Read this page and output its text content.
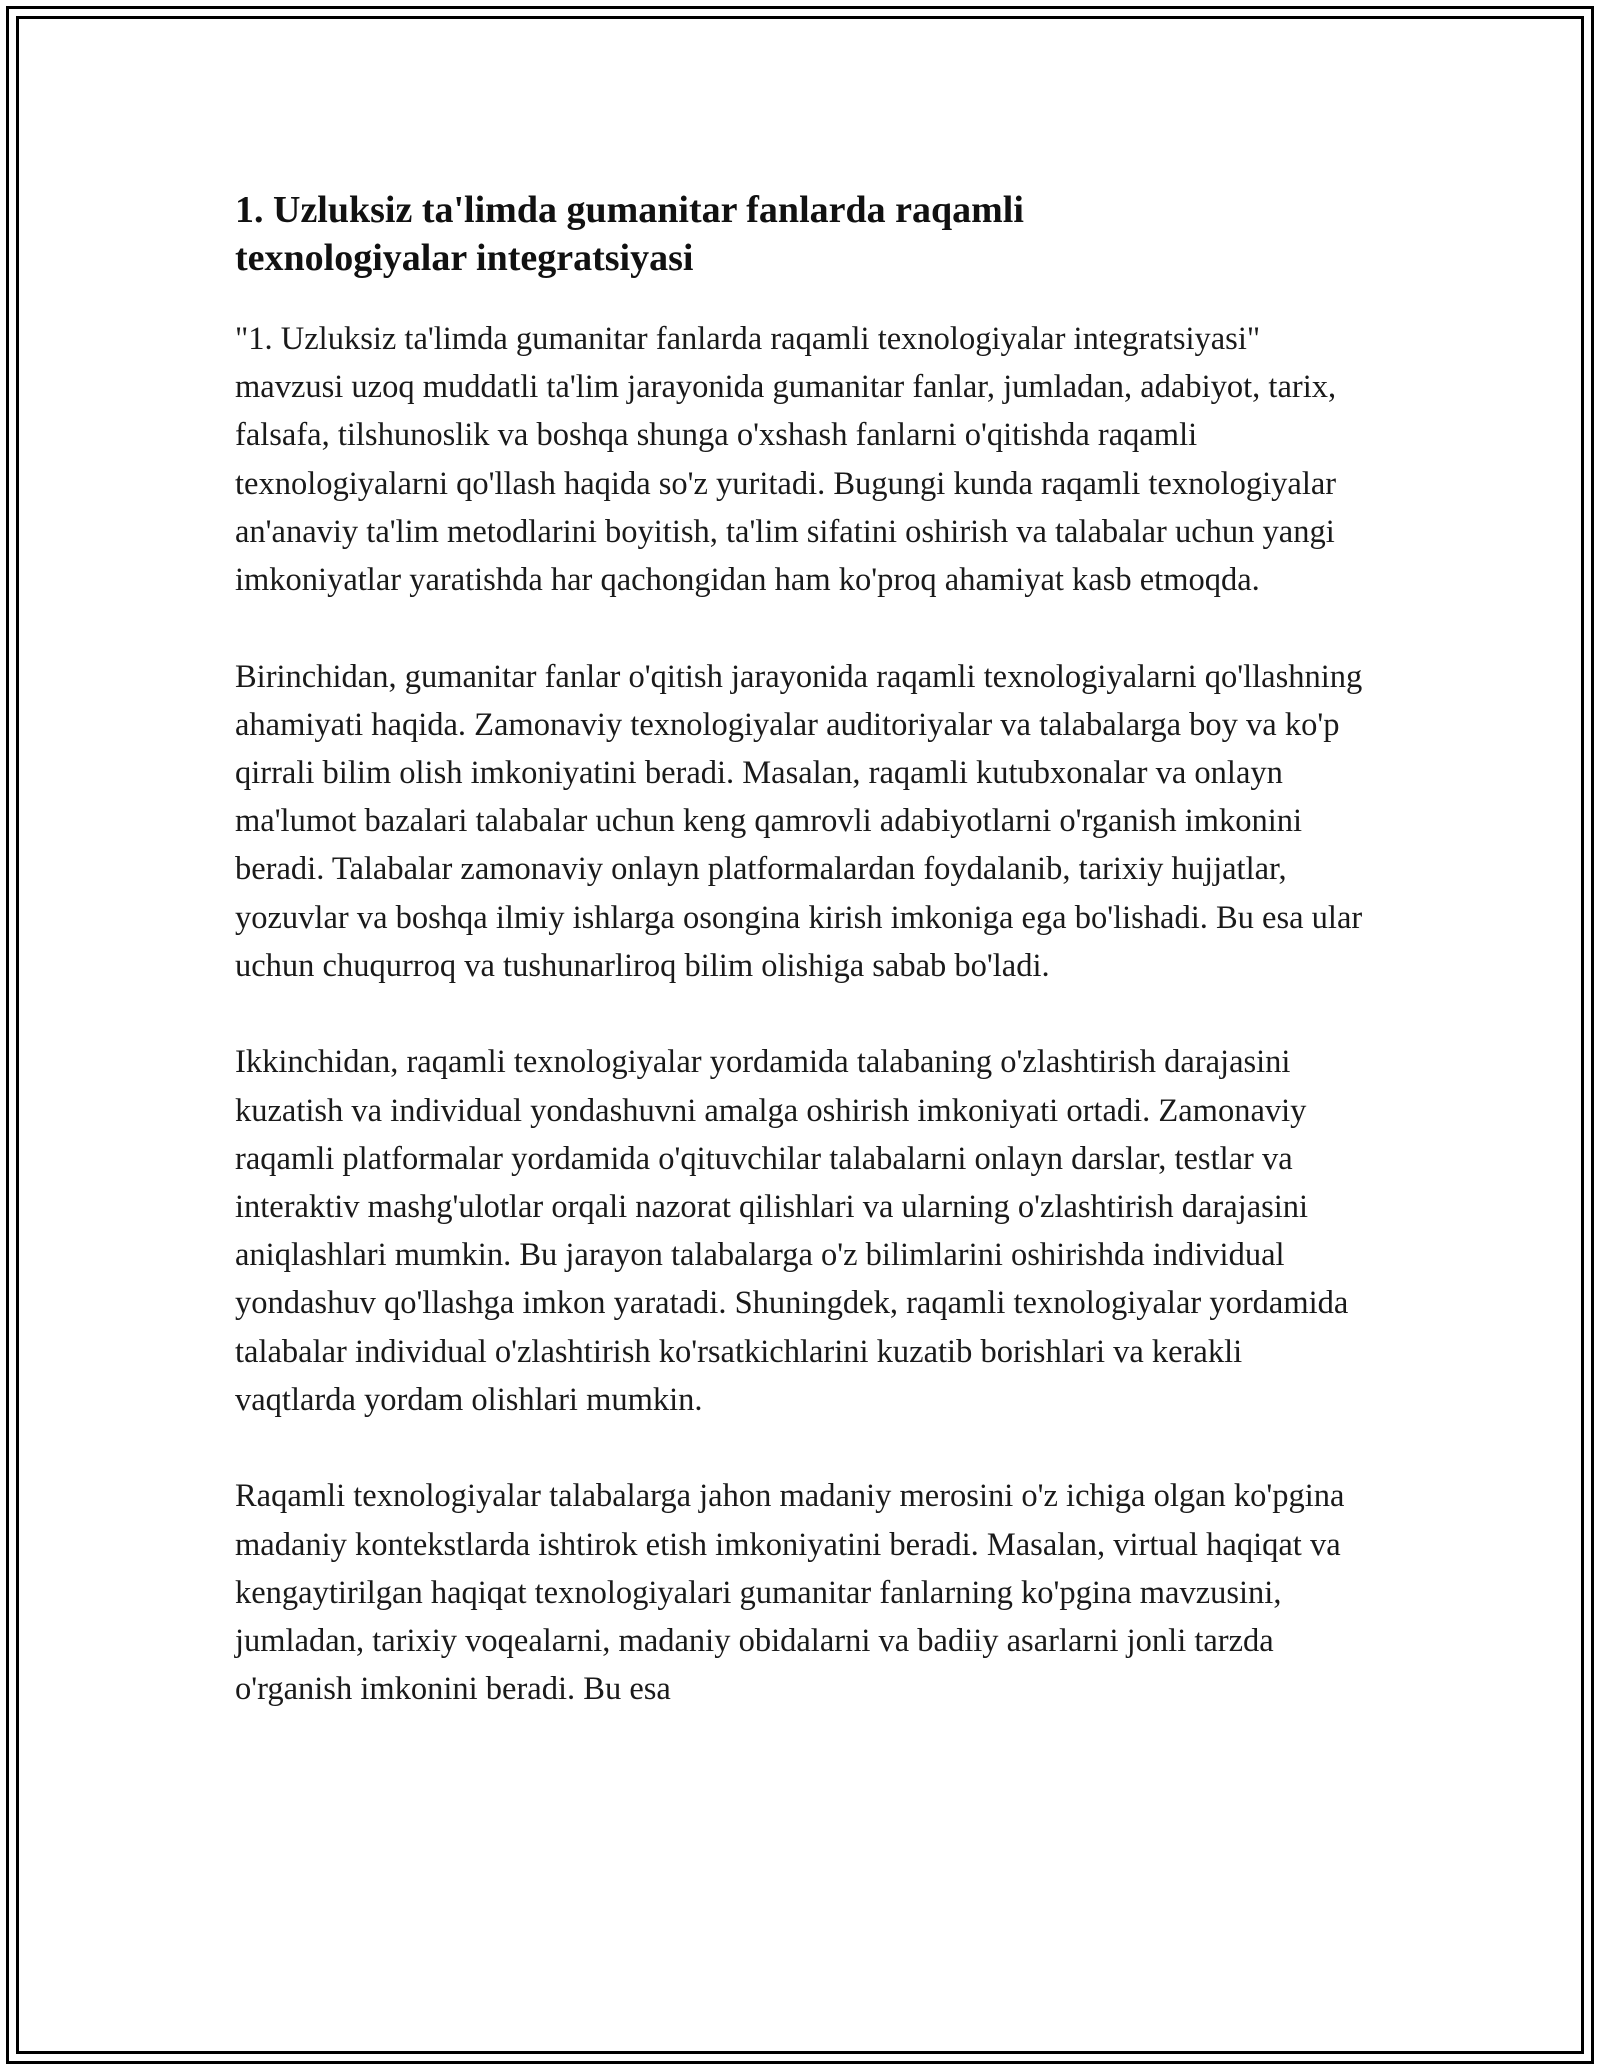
1. Uzluksiz ta'limda gumanitar fanlarda raqamli texnologiyalar integratsiyasi

"1. Uzluksiz ta'limda gumanitar fanlarda raqamli texnologiyalar integratsiyasi" mavzusi uzoq muddatli ta'lim jarayonida gumanitar fanlar, jumladan, adabiyot, tarix, falsafa, tilshunoslik va boshqa shunga o'xshash fanlarni o'qitishda raqamli texnologiyalarni qo'llash haqida so'z yuritadi. Bugungi kunda raqamli texnologiyalar an'anaviy ta'lim metodlarini boyitish, ta'lim sifatini oshirish va talabalar uchun yangi imkoniyatlar yaratishda har qachongidan ham ko'proq ahamiyat kasb etmoqda.

Birinchidan, gumanitar fanlar o'qitish jarayonida raqamli texnologiyalarni qo'llashning ahamiyati haqida. Zamonaviy texnologiyalar auditoriyalar va talabalarga boy va ko'p qirrali bilim olish imkoniyatini beradi. Masalan, raqamli kutubxonalar va onlayn ma'lumot bazalari talabalar uchun keng qamrovli adabiyotlarni o'rganish imkonini beradi. Talabalar zamonaviy onlayn platformalardan foydalanib, tarixiy hujjatlar, yozuvlar va boshqa ilmiy ishlarga osongina kirish imkoniga ega bo'lishadi. Bu esa ular uchun chuqurroq va tushunarliroq bilim olishiga sabab bo'ladi.

Ikkinchidan, raqamli texnologiyalar yordamida talabaning o'zlashtirish darajasini kuzatish va individual yondashuvni amalga oshirish imkoniyati ortadi. Zamonaviy raqamli platformalar yordamida o'qituvchilar talabalarni onlayn darslar, testlar va interaktiv mashg'ulotlar orqali nazorat qilishlari va ularning o'zlashtirish darajasini aniqlashlari mumkin. Bu jarayon talabalarga o'z bilimlarini oshirishda individual yondashuv qo'llashga imkon yaratadi. Shuningdek, raqamli texnologiyalar yordamida talabalar individual o'zlashtirish ko'rsatkichlarini kuzatib borishlari va kerakli vaqtlarda yordam olishlari mumkin.

Raqamli texnologiyalar talabalarga jahon madaniy merosini o'z ichiga olgan ko'pgina madaniy kontekstlarda ishtirok etish imkoniyatini beradi. Masalan, virtual haqiqat va kengaytirilgan haqiqat texnologiyalari gumanitar fanlarning ko'pgina mavzusini, jumladan, tarixiy voqealarni, madaniy obidalarni va badiiy asarlarni jonli tarzda o'rganish imkonini beradi. Bu esa
